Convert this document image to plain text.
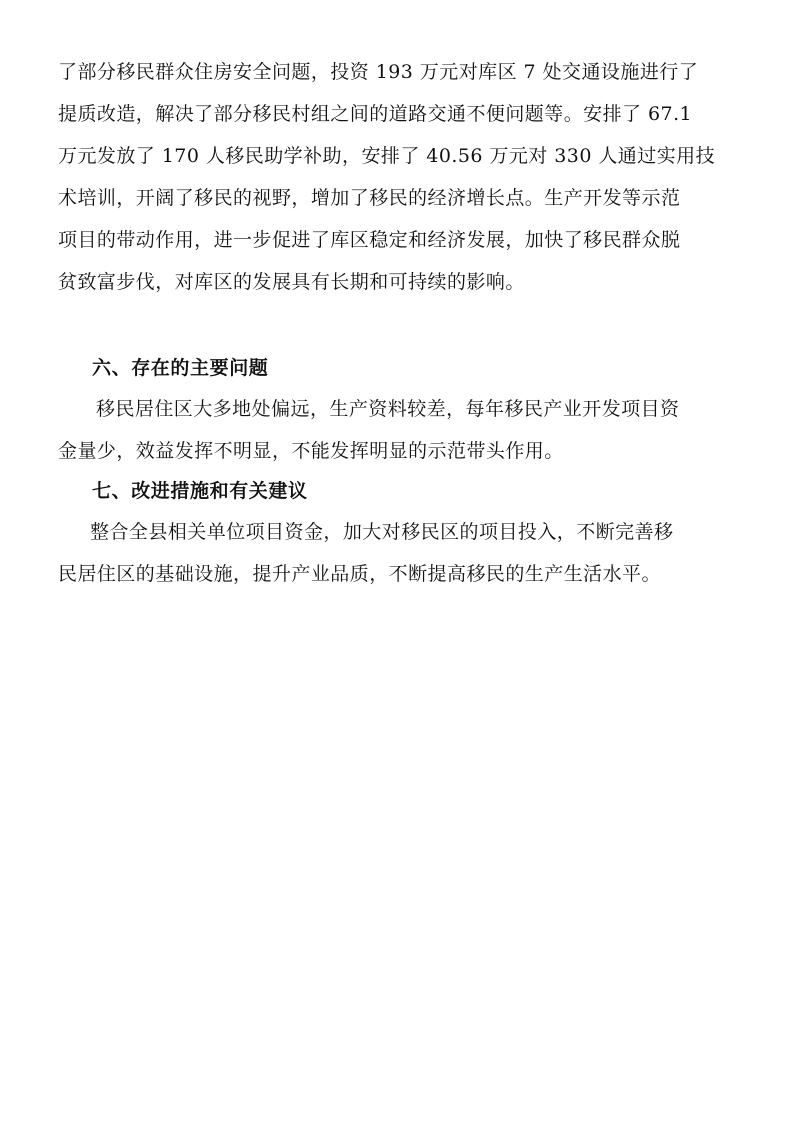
了部分移民群众住房安全问题，投资 193 万元对库区 7 处交通设施进行了
提质改造，解决了部分移民村组之间的道路交通不便问题等。安排了 67.1
万元发放了 170 人移民助学补助，安排了 40.56 万元对 330 人通过实用技
术培训，开阔了移民的视野，增加了移民的经济增长点。生产开发等示范
项目的带动作用，进一步促进了库区稳定和经济发展，加快了移民群众脱
贫致富步伐，对库区的发展具有长期和可持续的影响。
六、存在的主要问题
移民居住区大多地处偏远，生产资料较差，每年移民产业开发项目资
金量少，效益发挥不明显，不能发挥明显的示范带头作用。
七、改进措施和有关建议
整合全县相关单位项目资金，加大对移民区的项目投入，不断完善移
民居住区的基础设施，提升产业品质，不断提高移民的生产生活水平。
